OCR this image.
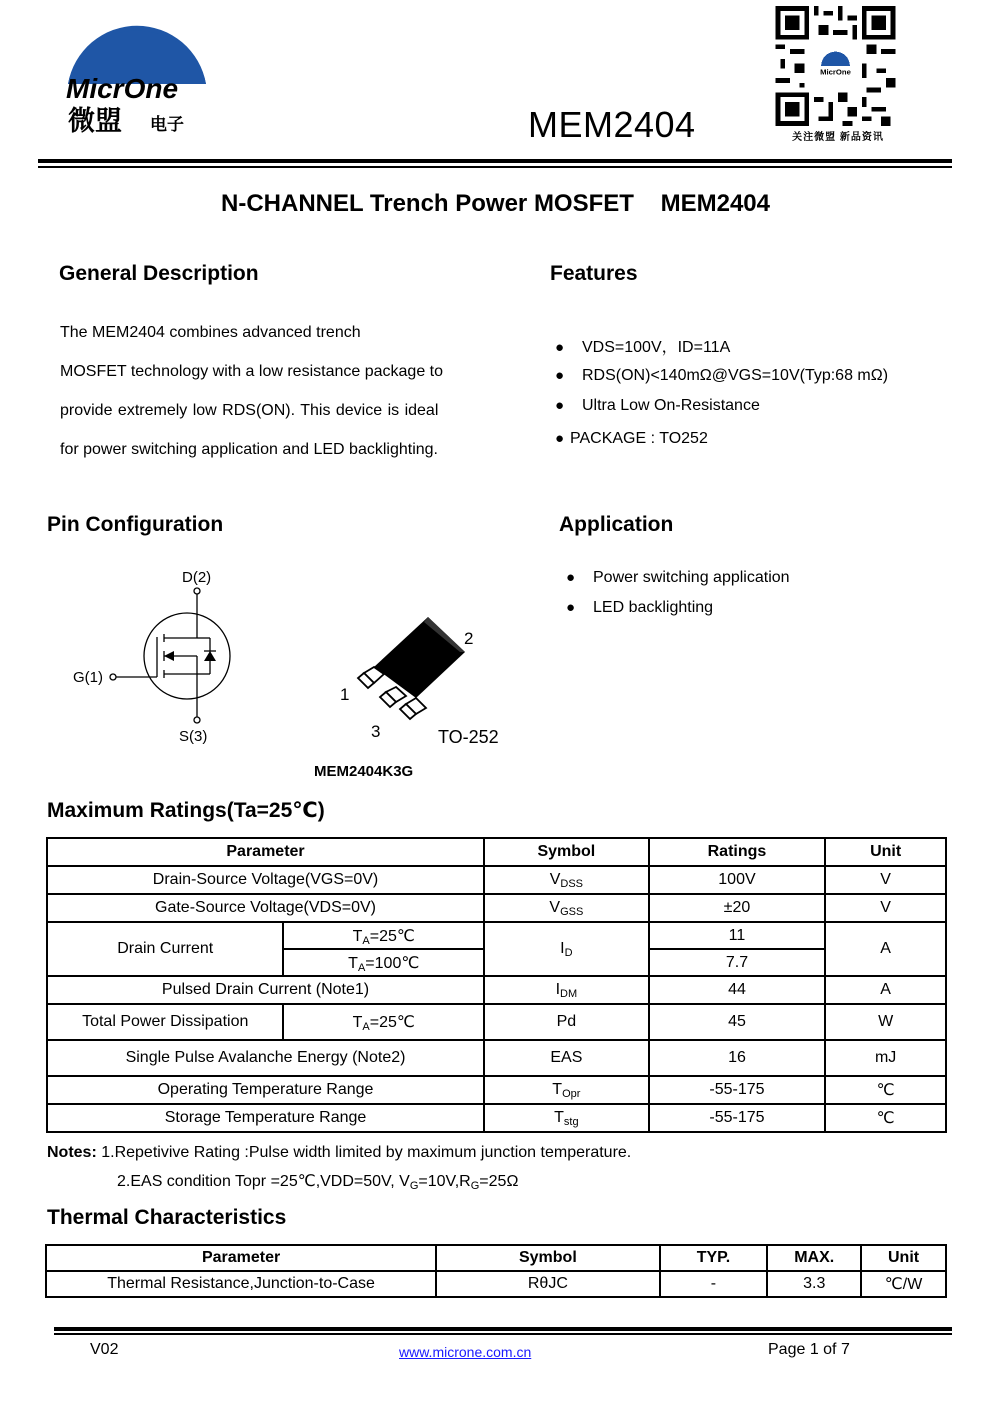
MicrOne
微盟 电子	MEM2404
MicrOne
关注微盟 新品资讯
N-CHANNEL Trench Power MOSFET    MEM2404
General Description
The MEM2404 combines advanced trench
MOSFET technology with a low resistance package to
provide extremely low RDS(ON). This device is ideal
for power switching application and LED backlighting.
Features
● VDS=100V，ID=11A
● RDS(ON)<140mΩ@VGS=10V(Typ:68 mΩ)
● Ultra Low On-Resistance
● PACKAGE : TO252
Pin Configuration
D(2)
G(1)
S(3)
2
1
3	TO-252
MEM2404K3G
Application
● Power switching application
● LED backlighting
Maximum Ratings(Ta=25℃)
Parameter		Symbol	Ratings	Unit
Drain-Source Voltage(VGS=0V)		$V_{DSS}$	100V	V
Gate-Source Voltage(VDS=0V)		$V_{GSS}$	±20	V
Drain Current	$T_A=25℃$	$I_D$	11	A
	$T_A=100℃$		7.7	
Pulsed Drain Current (Note1)		$I_{DM}$	44	A
Total Power Dissipation	$T_A=25℃$	Pd	45	W
Single Pulse Avalanche Energy (Note2)		EAS	16	mJ
Operating Temperature Range		$T_{Opr}$	-55-175	℃
Storage Temperature Range		$T_{stg}$	-55-175	℃
Notes: 1.Repetivive Rating :Pulse width limited by maximum junction temperature.
2.EAS condition Topr =25℃,VDD=50V, $V_G=10V,R_G=25\Omega$
Thermal Characteristics
Parameter	Symbol	TYP.	MAX.	Unit
Thermal Resistance,Junction-to-Case	RθJC	-	3.3	℃/W
V02	www.microne.com.cn	Page 1 of 7
